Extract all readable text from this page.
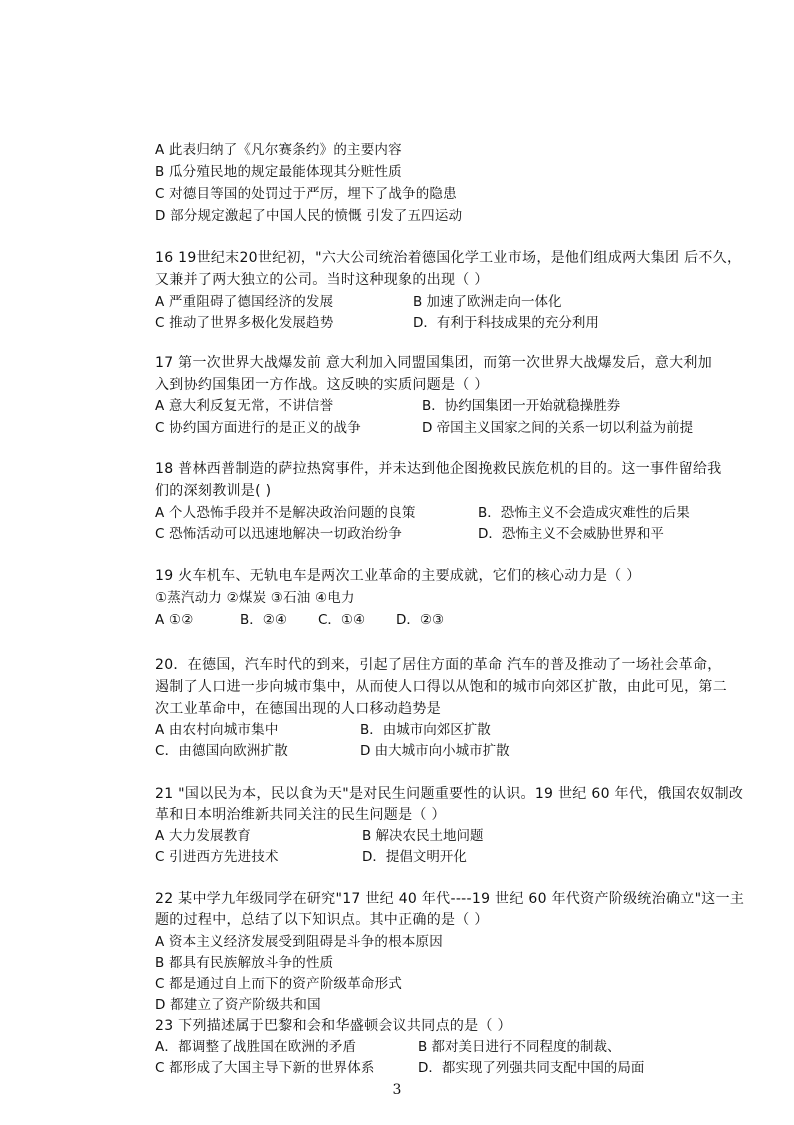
A 此表归纳了《凡尔赛条约》的主要内容
B 瓜分殖民地的规定最能体现其分赃性质
C 对德目等国的处罚过于严厉，埋下了战争的隐患
D 部分规定激起了中国人民的愤慨 引发了五四运动
16 19世纪末20世纪初，"六大公司统治着德国化学工业市场，是他们组成两大集团 后不久，
又兼并了两大独立的公司。当时这种现象的出现（ ）
A 严重阻碍了德国经济的发展	B 加速了欧洲走向一体化
C 推动了世界多极化发展趋势	D．有利于科技成果的充分利用
17 第一次世界大战爆发前 意大利加入同盟国集团，而第一次世界大战爆发后，意大利加
入到协约国集团一方作战。这反映的实质问题是（ ）
A 意大利反复无常，不讲信誉	B．协约国集团一开始就稳操胜券
C 协约国方面进行的是正义的战争	D 帝国主义国家之间的关系一切以利益为前提
18 普林西普制造的萨拉热窝事件，并未达到他企图挽救民族危机的目的。这一事件留给我
们的深刻教训是( )
A 个人恐怖手段并不是解决政治问题的良策	B．恐怖主义不会造成灾难性的后果
C 恐怖活动可以迅速地解决一切政治纷争	D．恐怖主义不会威胁世界和平
19 火车机车、无轨电车是两次工业革命的主要成就，它们的核心动力是（ ）
①蒸汽动力 ②煤炭 ③石油 ④电力
A ①②	B．②④ C．①④ D．②③
20．在德国，汽车时代的到来，引起了居住方面的革命 汽车的普及推动了一场社会革命，
遏制了人口进一步向城市集中，从而使人口得以从饱和的城市向郊区扩散，由此可见，第二
次工业革命中，在德国出现的人口移动趋势是
A 由农村向城市集中	B．由城市向郊区扩散
C．由德国向欧洲扩散	D 由大城市向小城市扩散
21 "国以民为本，民以食为天"是对民生问题重要性的认识。19 世纪 60 年代，俄国农奴制改
革和日本明治维新共同关注的民生问题是（ ）
A 大力发展教育	B 解决农民土地问题
C 引进西方先进技术	D．提倡文明开化
22 某中学九年级同学在研究"17 世纪 40 年代----19 世纪 60 年代资产阶级统治确立"这一主
题的过程中，总结了以下知识点。其中正确的是（ ）
A 资本主义经济发展受到阻碍是斗争的根本原因
B 都具有民族解放斗争的性质
C 都是通过自上而下的资产阶级革命形式
D 都建立了资产阶级共和国
23 下列描述属于巴黎和会和华盛顿会议共同点的是（ ）
A．都调整了战胜国在欧洲的矛盾	B 都对美日进行不同程度的制裁、
C 都形成了大国主导下新的世界体系	D．都实现了列强共同支配中国的局面
3
